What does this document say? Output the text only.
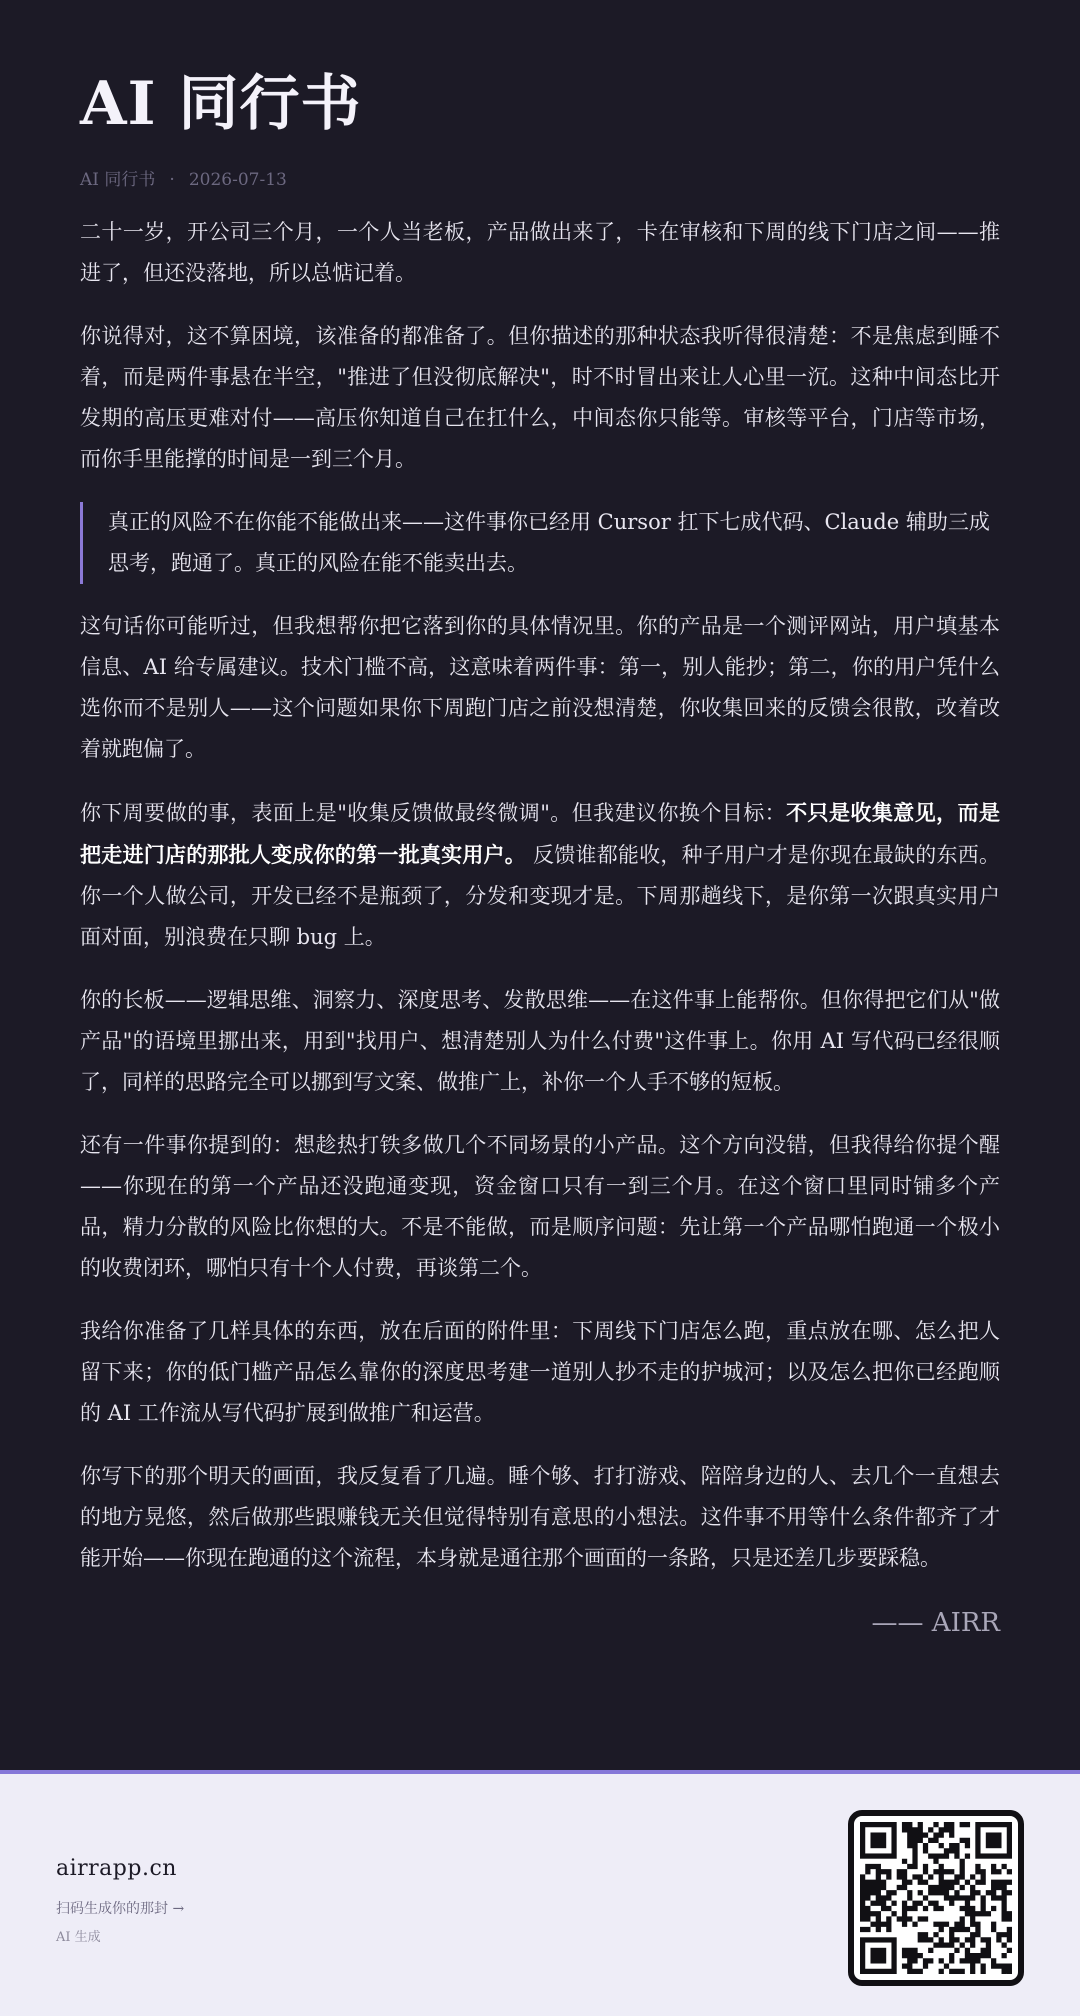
AI 同行书
AI 同行书 · 2026-07-13

二十一岁，开公司三个月，一个人当老板，产品做出来了，卡在审核和下周的线下门店之间——推进了，但还没落地，所以总惦记着。

你说得对，这不算困境，该准备的都准备了。但你描述的那种状态我听得很清楚：不是焦虑到睡不着，而是两件事悬在半空，"推进了但没彻底解决"，时不时冒出来让人心里一沉。这种中间态比开发期的高压更难对付——高压你知道自己在扛什么，中间态你只能等。审核等平台，门店等市场，而你手里能撑的时间是一到三个月。

真正的风险不在你能不能做出来——这件事你已经用 Cursor 扛下七成代码、Claude 辅助三成思考，跑通了。真正的风险在能不能卖出去。

这句话你可能听过，但我想帮你把它落到你的具体情况里。你的产品是一个测评网站，用户填基本信息、AI 给专属建议。技术门槛不高，这意味着两件事：第一，别人能抄；第二，你的用户凭什么选你而不是别人——这个问题如果你下周跑门店之前没想清楚，你收集回来的反馈会很散，改着改着就跑偏了。

你下周要做的事，表面上是"收集反馈做最终微调"。但我建议你换个目标：不只是收集意见，而是把走进门店的那批人变成你的第一批真实用户。 反馈谁都能收，种子用户才是你现在最缺的东西。你一个人做公司，开发已经不是瓶颈了，分发和变现才是。下周那趟线下，是你第一次跟真实用户面对面，别浪费在只聊 bug 上。

你的长板——逻辑思维、洞察力、深度思考、发散思维——在这件事上能帮你。但你得把它们从"做产品"的语境里挪出来，用到"找用户、想清楚别人为什么付费"这件事上。你用 AI 写代码已经很顺了，同样的思路完全可以挪到写文案、做推广上，补你一个人手不够的短板。

还有一件事你提到的：想趁热打铁多做几个不同场景的小产品。这个方向没错，但我得给你提个醒——你现在的第一个产品还没跑通变现，资金窗口只有一到三个月。在这个窗口里同时铺多个产品，精力分散的风险比你想的大。不是不能做，而是顺序问题：先让第一个产品哪怕跑通一个极小的收费闭环，哪怕只有十个人付费，再谈第二个。

我给你准备了几样具体的东西，放在后面的附件里：下周线下门店怎么跑，重点放在哪、怎么把人留下来；你的低门槛产品怎么靠你的深度思考建一道别人抄不走的护城河；以及怎么把你已经跑顺的 AI 工作流从写代码扩展到做推广和运营。

你写下的那个明天的画面，我反复看了几遍。睡个够、打打游戏、陪陪身边的人、去几个一直想去的地方晃悠，然后做那些跟赚钱无关但觉得特别有意思的小想法。这件事不用等什么条件都齐了才能开始——你现在跑通的这个流程，本身就是通往那个画面的一条路，只是还差几步要踩稳。

—— AIRR
airrapp.cn
扫码生成你的那封 →
AI 生成
